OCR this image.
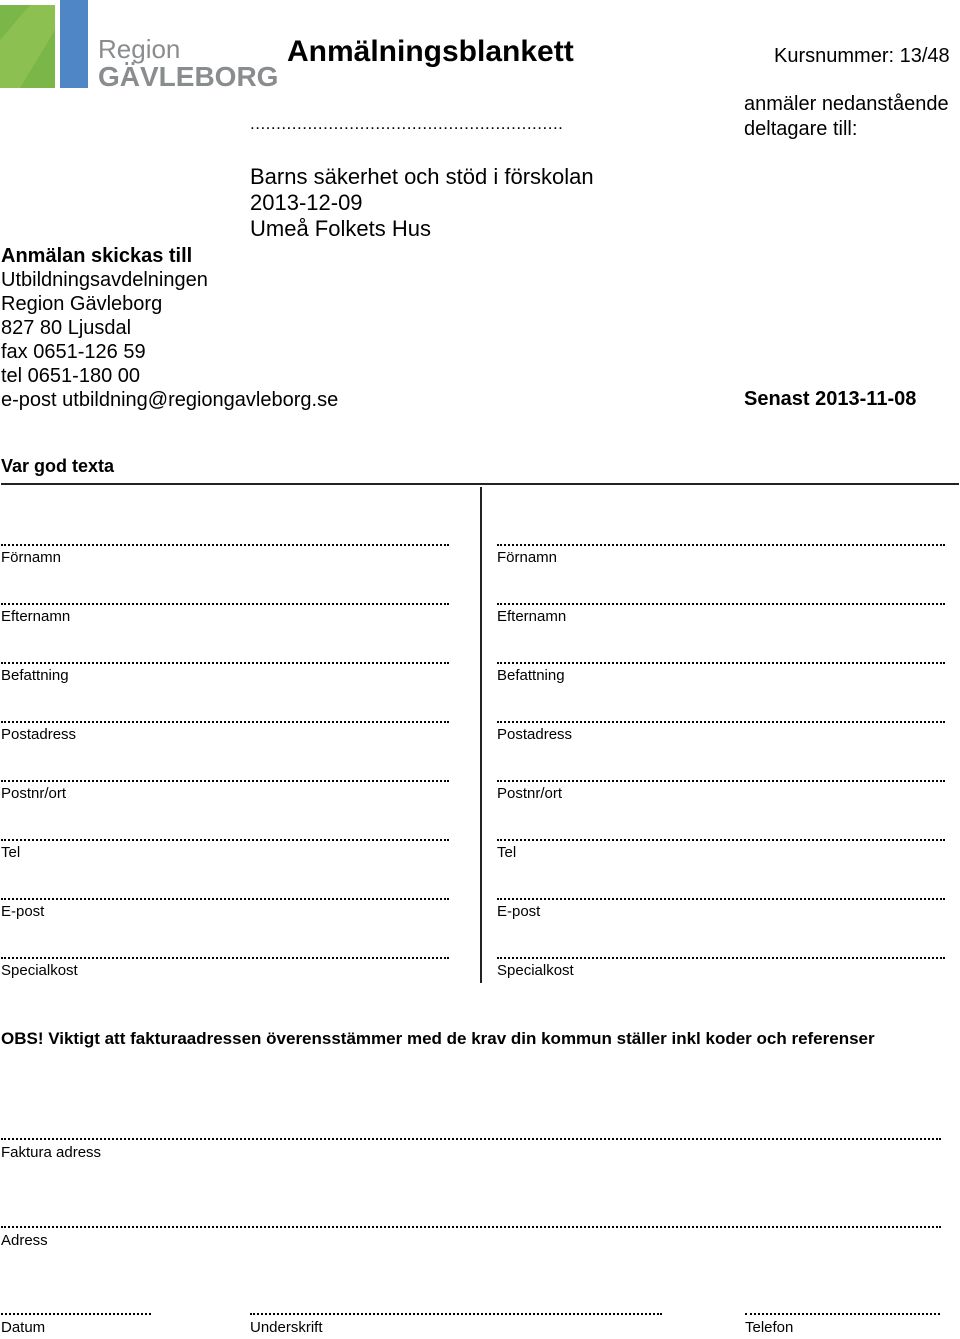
Region
GÄVLEBORG
Anmälningsblankett	Kursnummer: 13/48
............................................................
anmäler nedanstående
deltagare till:
Barns säkerhet och stöd i förskolan
2013-12-09
Umeå Folkets Hus
Anmälan skickas till
Utbildningsavdelningen
Region Gävleborg
827 80 Ljusdal
fax 0651-126 59
tel 0651-180 00
e-post utbildning@regiongavleborg.se	Senast 2013-11-08
Var god texta
Förnamn
Efternamn
Befattning
Postadress
Postnr/ort
Tel
E-post
Specialkost
Förnamn
Efternamn
Befattning
Postadress
Postnr/ort
Tel
E-post
Specialkost
OBS! Viktigt att fakturaadressen överensstämmer med de krav din kommun ställer inkl koder och referenser
Faktura adress
Adress
Datum	Underskrift	Telefon
